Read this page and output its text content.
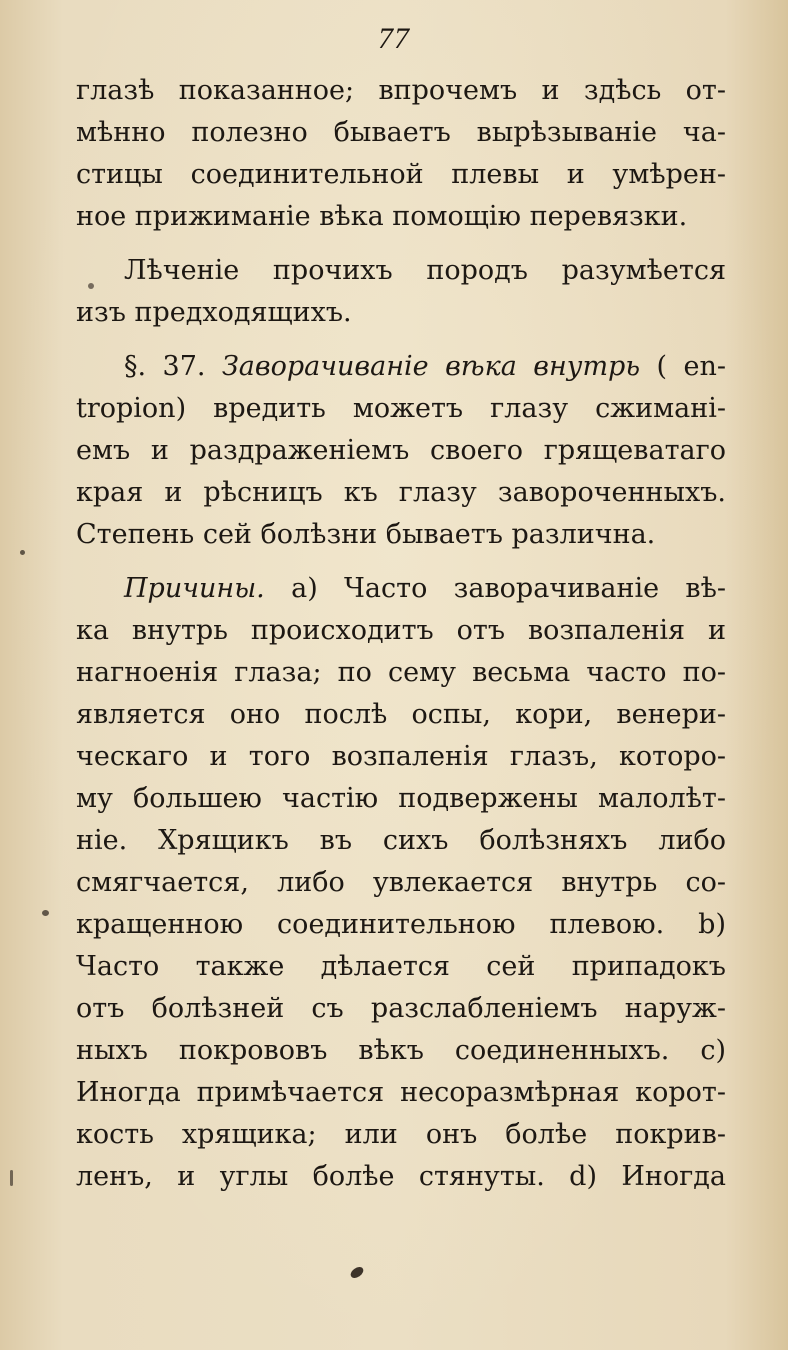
77

глазѣ показанное; впрочемъ и здѣсь от-
мѣнно полезно бываетъ вырѣзываніе ча-
стицы соединительной плевы и умѣрен-
ное прижиманіе вѣка помощію перевязки.

Лѣченіе прочихъ породъ разумѣется
изъ предходящихъ.

§. 37. Заворачиваніе вѣка внутрь ( en-
tropion) вредить можетъ глазу сжиманi-
емъ и раздраженіемъ своего грящеватаго
края и рѣсницъ къ глазу завороченныхъ.
Степень сей болѣзни бываетъ различна.

Причины. a) Часто заворачиваніе вѣ-
ка внутрь происходитъ отъ возпаленія и
нагноенія глаза; по сему весьма часто по-
является оно послѣ оспы, кори, венери-
ческаго и того возпаленія глазъ, которо-
му большею частію подвержены малолѣт-
ніе. Хрящикъ въ сихъ болѣзняхъ либо
смягчается, либо увлекается внутрь со-
кращенною соединительною плевою. b)
Часто также дѣлается сей припадокъ
отъ болѣзней съ разслабленіемъ наруж-
ныхъ покрововъ вѣкъ соединенныхъ. c)
Иногда примѣчается несоразмѣрная корот-
кость хрящика; или онъ болѣе покрив-
ленъ, и углы болѣе стянуты. d) Иногда
